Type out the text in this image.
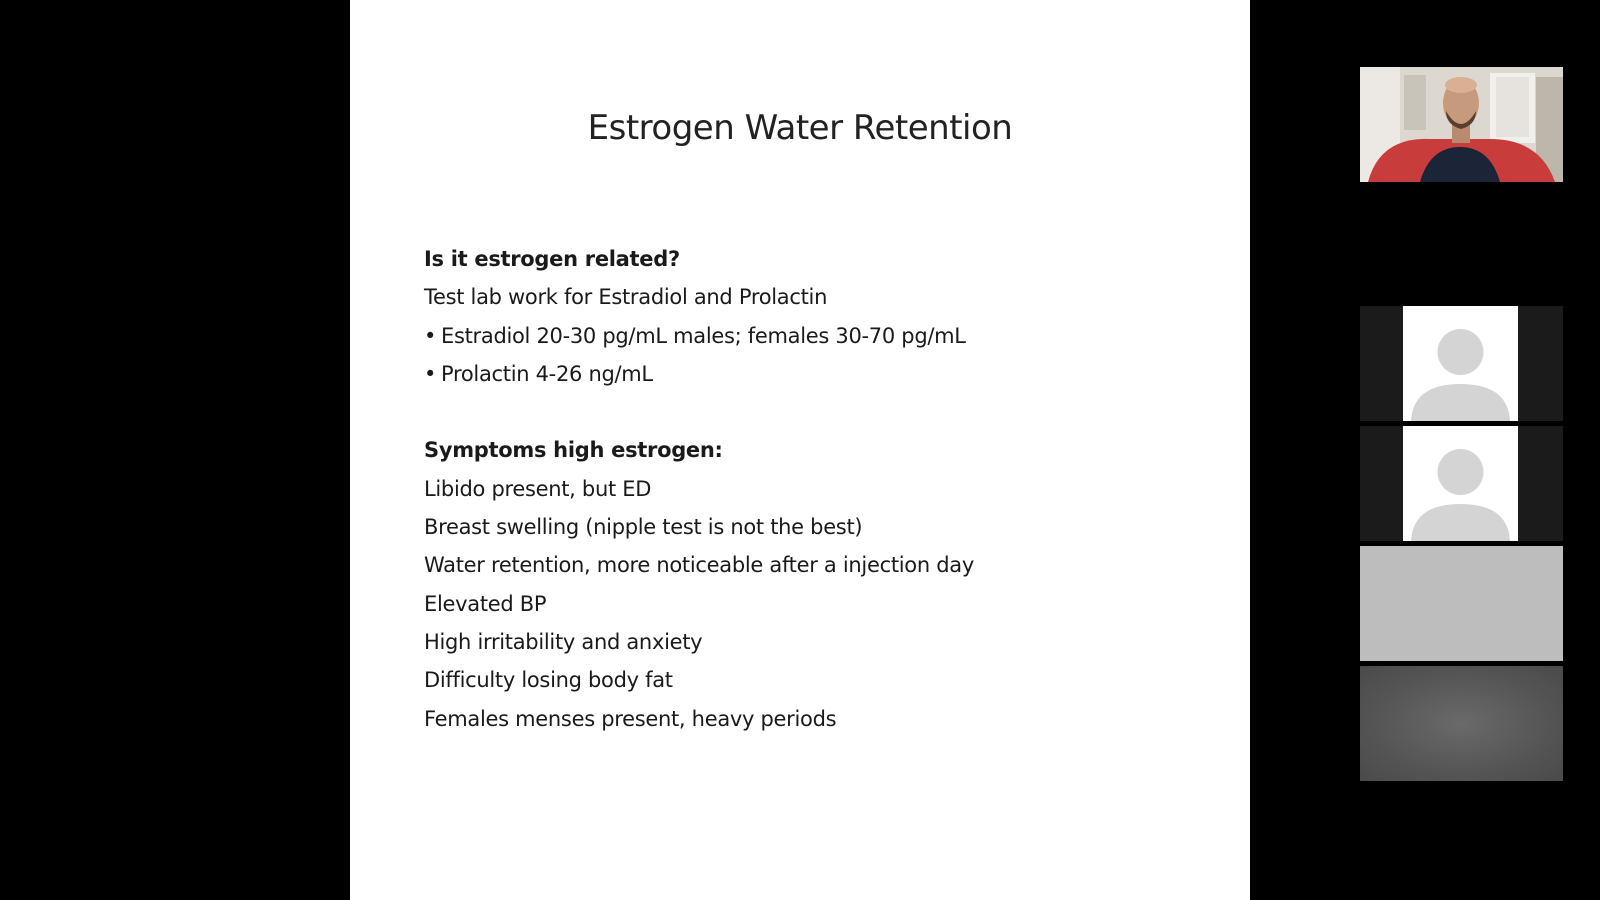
Estrogen Water Retention
Is it estrogen related?
Test lab work for Estradiol and Prolactin
• Estradiol 20-30 pg/mL males; females 30-70 pg/mL
• Prolactin 4-26 ng/mL
Symptoms high estrogen:
Libido present, but ED
Breast swelling (nipple test is not the best)
Water retention, more noticeable after a injection day
Elevated BP
High irritability and anxiety
Difficulty losing body fat
Females menses present, heavy periods
